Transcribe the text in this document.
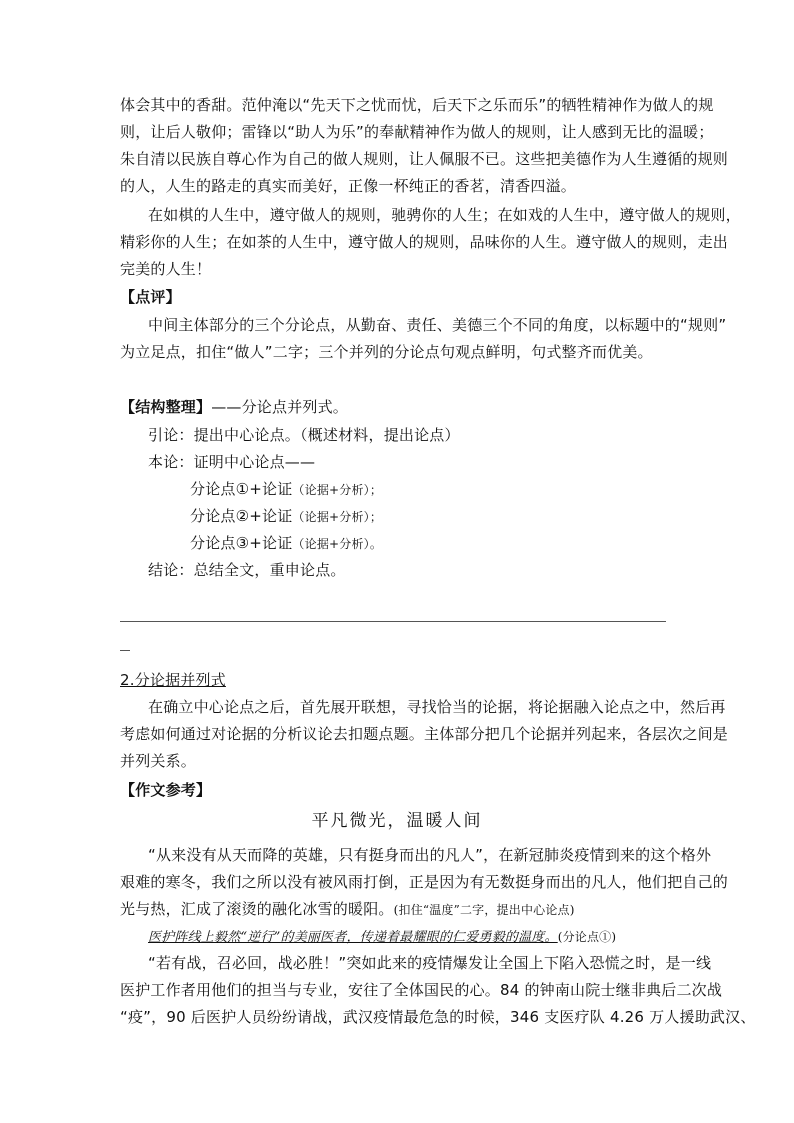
体会其中的香甜。范仲淹以“先天下之忧而忧，后天下之乐而乐”的牺牲精神作为做人的规
则，让后人敬仰；雷锋以“助人为乐”的奉献精神作为做人的规则，让人感到无比的温暖；
朱自清以民族自尊心作为自己的做人规则，让人佩服不已。这些把美德作为人生遵循的规则
的人，人生的路走的真实而美好，正像一杯纯正的香茗，清香四溢。
在如棋的人生中，遵守做人的规则，驰骋你的人生；在如戏的人生中，遵守做人的规则，
精彩你的人生；在如茶的人生中，遵守做人的规则，品味你的人生。遵守做人的规则，走出
完美的人生！
【点评】
中间主体部分的三个分论点，从勤奋、责任、美德三个不同的角度，以标题中的“规则”
为立足点，扣住“做人”二字；三个并列的分论点句观点鲜明，句式整齐而优美。
【结构整理】——分论点并列式。
引论：提出中心论点。（概述材料，提出论点）
本论：证明中心论点——
分论点①+论证（论据+分析）；
分论点②+论证（论据+分析）；
分论点③+论证（论据+分析）。
结论：总结全文，重申论点。
2.分论据并列式
在确立中心论点之后，首先展开联想，寻找恰当的论据，将论据融入论点之中，然后再
考虑如何通过对论据的分析议论去扣题点题。主体部分把几个论据并列起来，各层次之间是
并列关系。
【作文参考】
平凡微光，温暖人间
“从来没有从天而降的英雄，只有挺身而出的凡人”，在新冠肺炎疫情到来的这个格外
艰难的寒冬，我们之所以没有被风雨打倒，正是因为有无数挺身而出的凡人，他们把自己的
光与热，汇成了滚烫的融化冰雪的暖阳。(扣住“温度”二字，提出中心论点)
医护阵线上毅然“逆行”的美丽医者，传递着最耀眼的仁爱勇毅的温度。(分论点①)
“若有战，召必回，战必胜！”突如此来的疫情爆发让全国上下陷入恐慌之时，是一线
医护工作者用他们的担当与专业，安往了全体国民的心。84 的钟南山院士继非典后二次战
“疫”，90 后医护人员纷纷请战，武汉疫情最危急的时候，346 支医疗队 4.26 万人援助武汉、
